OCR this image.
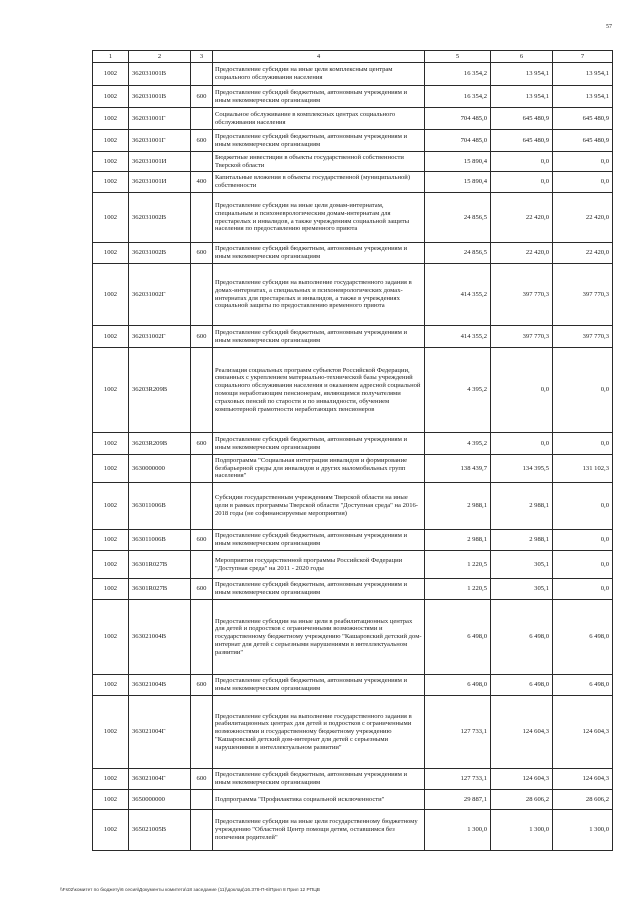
57
1	2	3	4	5	6	7
1002	362031001В		Предоставление субсидии на иные цели комплексным центрам социального обслуживания населения	16 354,2	13 954,1	13 954,1
1002	362031001В	600	Предоставление субсидий бюджетным, автономным учреждениям и иным некоммерческим организациям	16 354,2	13 954,1	13 954,1
1002	362031001Г		Социальное обслуживание в комплексных центрах социального обслуживания населения	704 485,0	645 480,9	645 480,9
1002	362031001Г	600	Предоставление субсидий бюджетным, автономным учреждениям и иным некоммерческим организациям	704 485,0	645 480,9	645 480,9
1002	362031001И		Бюджетные инвестиции в объекты государственной собственности Тверской области	15 890,4	0,0	0,0
1002	362031001И	400	Капитальные вложения в объекты государственной (муниципальной) собственности	15 890,4	0,0	0,0
1002	362031002В		Предоставление субсидии на иные цели домам-интернатам, специальным и психоневрологическим домам-интернатам для престарелых и инвалидов, а также учреждениям социальной защиты населения по предоставлению временного приюта	24 856,5	22 420,0	22 420,0
1002	362031002В	600	Предоставление субсидий бюджетным, автономным учреждениям и иным некоммерческим организациям	24 856,5	22 420,0	22 420,0
1002	362031002Г		Предоставление субсидии на выполнение государственного задания в домах-интернатах, а специальных и психоневрологических домах-интернатах для престарелых и инвалидов, а также в учреждениях социальной защиты по предоставлению временного приюта	414 355,2	397 770,3	397 770,3
1002	362031002Г	600	Предоставление субсидий бюджетным, автономным учреждениям и иным некоммерческим организациям	414 355,2	397 770,3	397 770,3
1002	36203R209В		Реализация социальных программ субъектов Российской Федерации, связанных с укреплением материально-технической базы учреждений социального обслуживания населения и оказанием адресной социальной помощи неработающим пенсионерам, являющимся получателями страховых пенсий по старости и по инвалидности, обучением компьютерной грамотности неработающих пенсионеров	4 395,2	0,0	0,0
1002	36203R209В	600	Предоставление субсидий бюджетным, автономным учреждениям и иным некоммерческим организациям	4 395,2	0,0	0,0
1002	3630000000		Подпрограмма "Социальная интеграция инвалидов и формирование безбарьерной среды для инвалидов и других маломобильных групп населения"	138 439,7	134 395,5	131 102,3
1002	363011006В		Субсидии государственным учреждениям Тверской области на иные цели в рамках программы Тверской области "Доступная среда" на 2016-2018 годы (не софинансируемые мероприятия)	2 988,1	2 988,1	0,0
1002	363011006В	600	Предоставление субсидий бюджетным, автономным учреждениям и иным некоммерческим организациям	2 988,1	2 988,1	0,0
1002	36301R027В		Мероприятия государственной программы Российской Федерации "Доступная среда" на 2011 - 2020 годы	1 220,5	305,1	0,0
1002	36301R027В	600	Предоставление субсидий бюджетным, автономным учреждениям и иным некоммерческим организациям	1 220,5	305,1	0,0
1002	363021004В		Предоставление субсидии на иные цели в реабилитационных центрах для детей и подростков с ограниченными возможностями и государственному бюджетному учреждению "Кашаровский детский дом-интернат для детей с серьезными нарушениями в интеллектуальном развитии"	6 498,0	6 498,0	6 498,0
1002	363021004В	600	Предоставление субсидий бюджетным, автономным учреждениям и иным некоммерческим организациям	6 498,0	6 498,0	6 498,0
1002	363021004Г		Предоставление субсидии на выполнение государственного задания в реабилитационных центрах для детей и подростков с ограниченными возможностями и государственному бюджетному учреждению "Кашаровский детский дом-интернат для детей с серьезными нарушениями в интеллектуальном развитии"	127 733,1	124 604,3	124 604,3
1002	363021004Г	600	Предоставление субсидий бюджетным, автономным учреждениям и иным некоммерческим организациям	127 733,1	124 604,3	124 604,3
1002	3650000000		Подпрограмма "Профилактика социальной исключенности"	29 887,1	28 606,2	28 606,2
1002	365021005В		Предоставление субсидии на иные цели государственному бюджетному учреждению "Областной Центр помощи детям, оставшимся без попечения родителей"	1 300,0	1 300,0	1 300,0
\\Fs02\комитет по бюджету\6 сесия\Документы комитета\18 заседание (11)\доклад\16.378-П-6\Прил 8 Прил 12 РПЦВ
